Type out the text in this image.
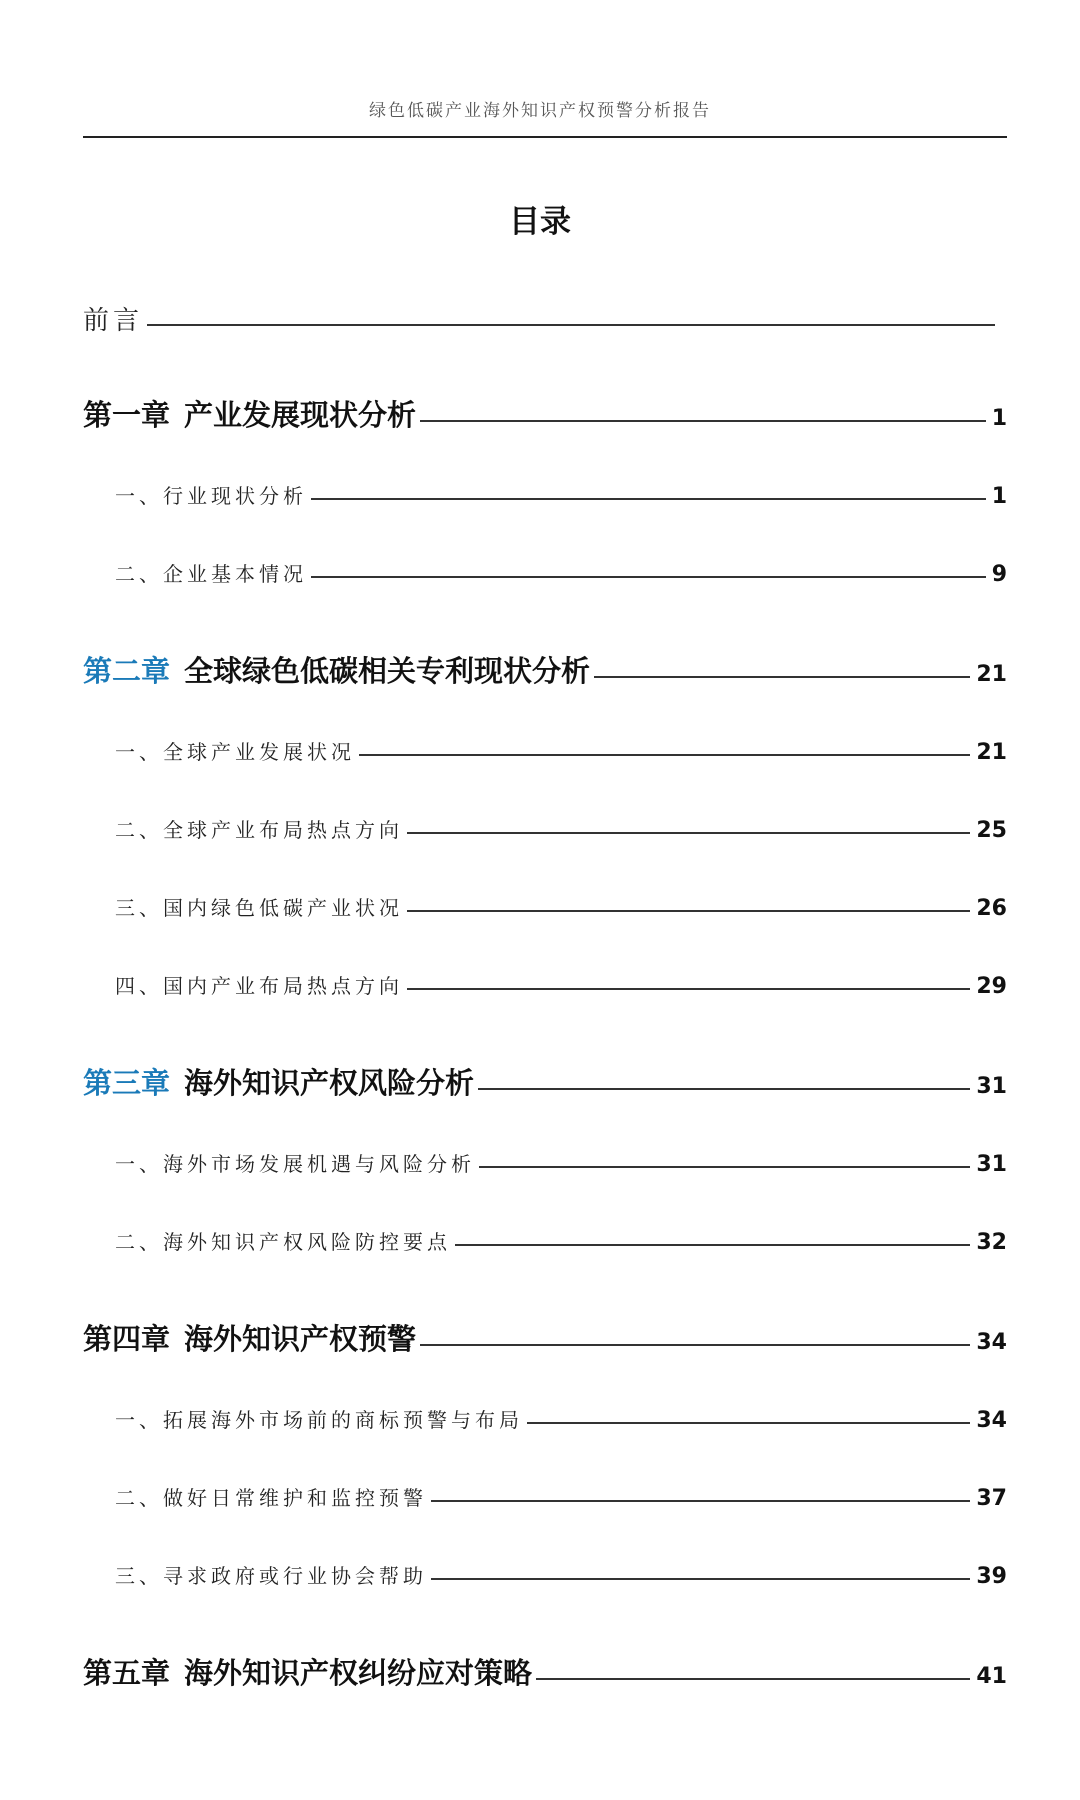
绿色低碳产业海外知识产权预警分析报告
目录
前言
第一章 产业发展现状分析	1
一、行业现状分析	1
二、企业基本情况	9
第二章 全球绿色低碳相关专利现状分析	21
一、全球产业发展状况	21
二、全球产业布局热点方向	25
三、国内绿色低碳产业状况	26
四、国内产业布局热点方向	29
第三章 海外知识产权风险分析	31
一、海外市场发展机遇与风险分析	31
二、海外知识产权风险防控要点	32
第四章 海外知识产权预警	34
一、拓展海外市场前的商标预警与布局	34
二、做好日常维护和监控预警	37
三、寻求政府或行业协会帮助	39
第五章 海外知识产权纠纷应对策略	41
